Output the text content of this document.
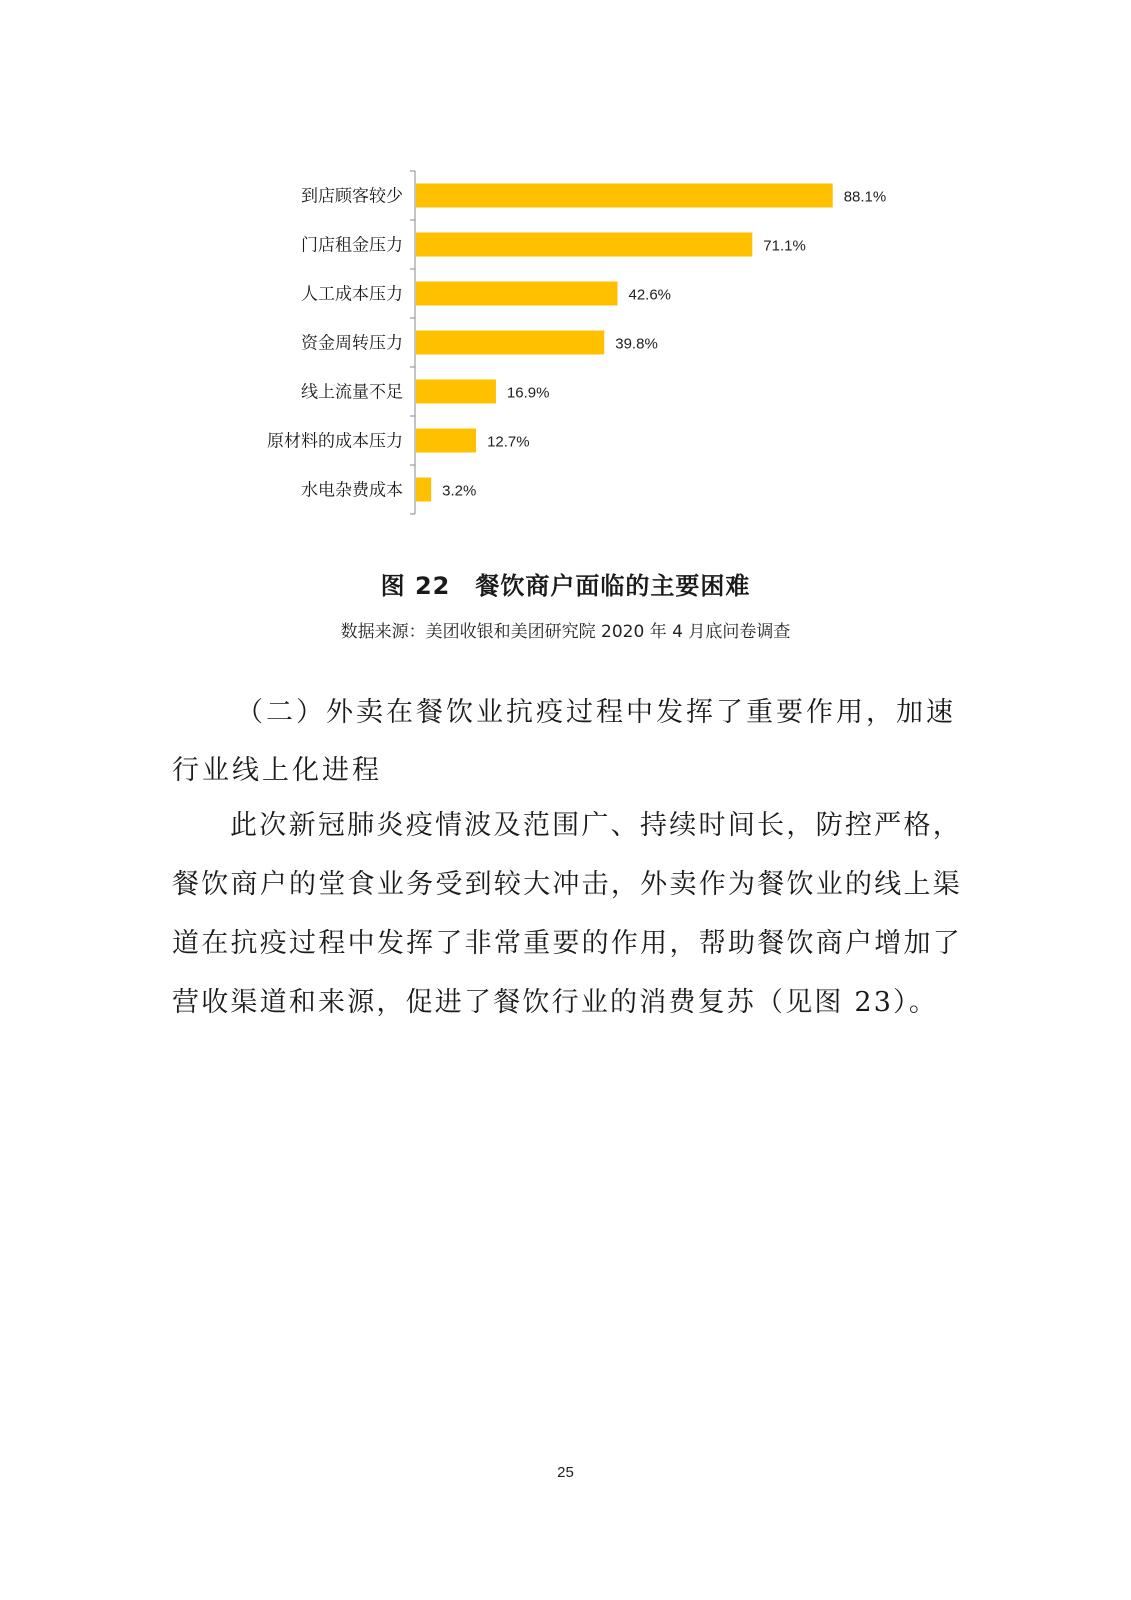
到店顾客较少	88.1%
门店租金压力	71.1%
人工成本压力	42.6%
资金周转压力	39.8%
线上流量不足	16.9%
原材料的成本压力	12.7%
水电杂费成本	3.2%
图 22　餐饮商户面临的主要困难
数据来源：美团收银和美团研究院 2020 年 4 月底问卷调查
（二）外卖在餐饮业抗疫过程中发挥了重要作用，加速行业线上化进程
此次新冠肺炎疫情波及范围广、持续时间长，防控严格，餐饮商户的堂食业务受到较大冲击，外卖作为餐饮业的线上渠道在抗疫过程中发挥了非常重要的作用，帮助餐饮商户增加了营收渠道和来源，促进了餐饮行业的消费复苏（见图 23）。
25
